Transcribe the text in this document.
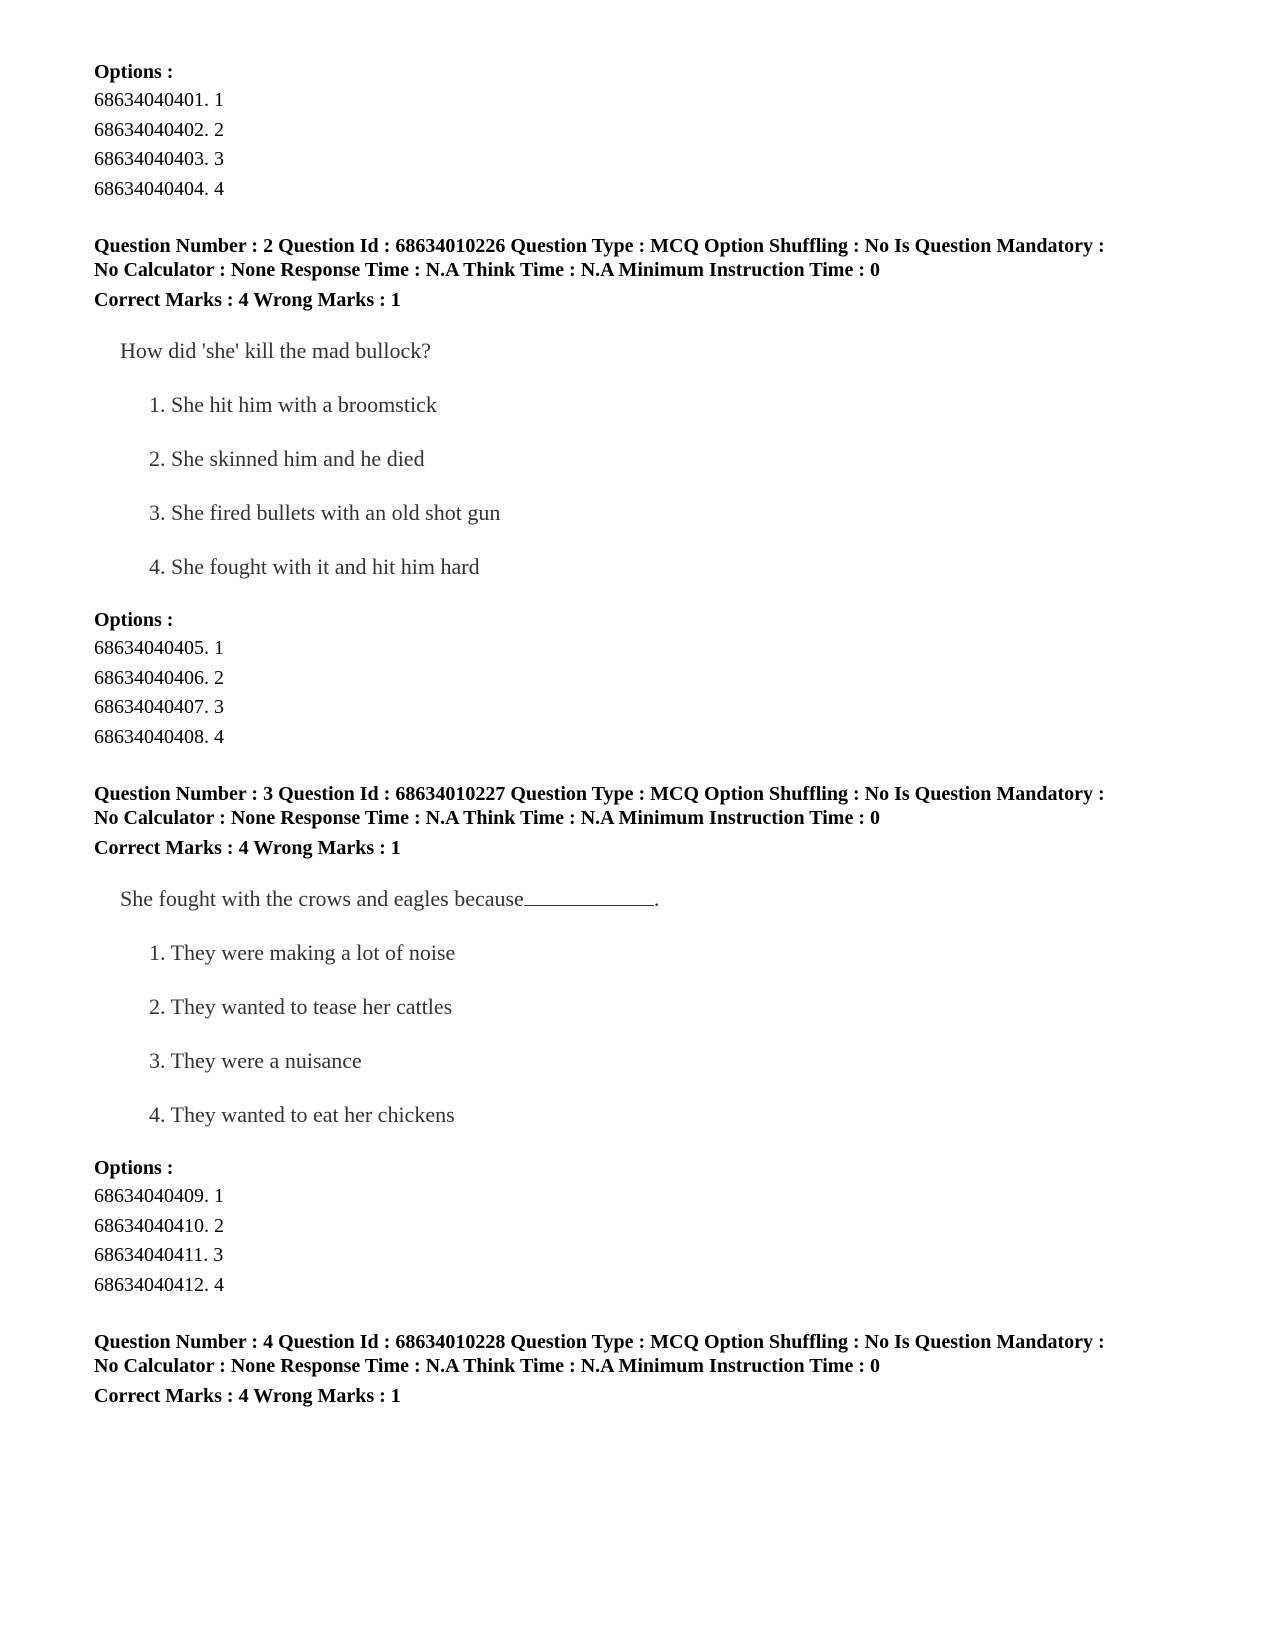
Options :
68634040401. 1
68634040402. 2
68634040403. 3
68634040404. 4
Question Number : 2 Question Id : 68634010226 Question Type : MCQ Option Shuffling : No Is Question Mandatory :
No Calculator : None Response Time : N.A Think Time : N.A Minimum Instruction Time : 0
Correct Marks : 4 Wrong Marks : 1
How did 'she' kill the mad bullock?
1. She hit him with a broomstick
2. She skinned him and he died
3. She fired bullets with an old shot gun
4. She fought with it and hit him hard
Options :
68634040405. 1
68634040406. 2
68634040407. 3
68634040408. 4
Question Number : 3 Question Id : 68634010227 Question Type : MCQ Option Shuffling : No Is Question Mandatory :
No Calculator : None Response Time : N.A Think Time : N.A Minimum Instruction Time : 0
Correct Marks : 4 Wrong Marks : 1
She fought with the crows and eagles because	.
1. They were making a lot of noise
2. They wanted to tease her cattles
3. They were a nuisance
4. They wanted to eat her chickens
Options :
68634040409. 1
68634040410. 2
68634040411. 3
68634040412. 4
Question Number : 4 Question Id : 68634010228 Question Type : MCQ Option Shuffling : No Is Question Mandatory :
No Calculator : None Response Time : N.A Think Time : N.A Minimum Instruction Time : 0
Correct Marks : 4 Wrong Marks : 1
